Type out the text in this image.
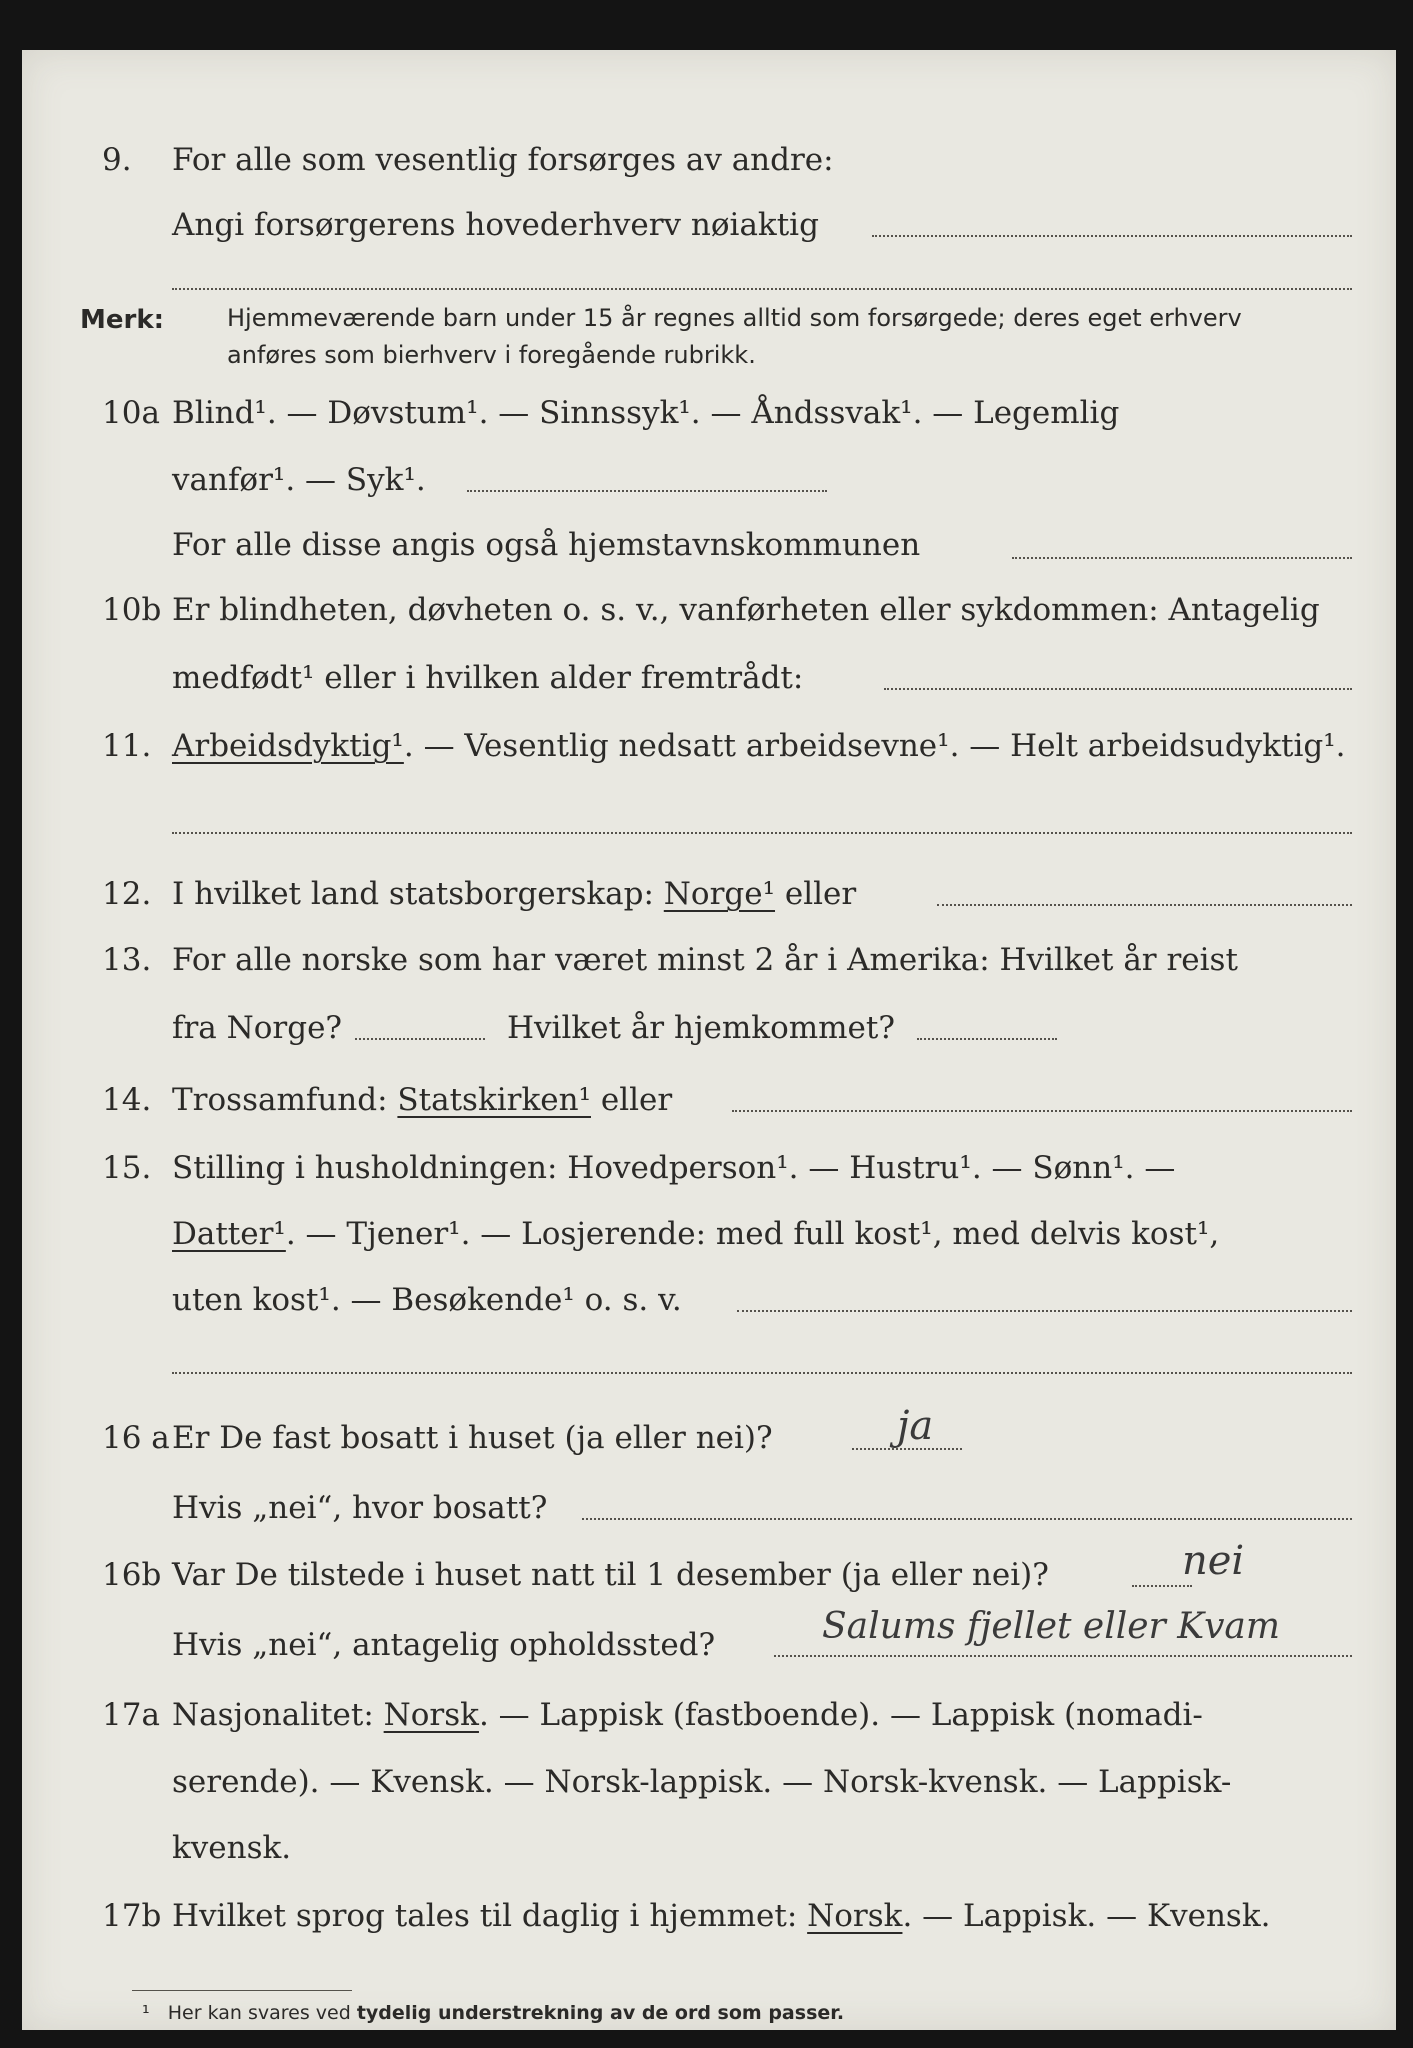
9. For alle som vesentlig forsørges av andre:
Angi forsørgerens hovederhverv nøiaktig
Merk:	Hjemmeværende barn under 15 år regnes alltid som forsørgede; deres eget erhverv
anføres som bierhverv i foregående rubrikk.
10a Blind¹. — Døvstum¹. — Sinnssyk¹. — Åndssvak¹. — Legemlig
vanfør¹. — Syk¹.
For alle disse angis også hjemstavnskommunen
10b Er blindheten, døvheten o. s. v., vanførheten eller sykdommen: Antagelig
medfødt¹ eller i hvilken alder fremtrådt:
11. Arbeidsdyktig¹. — Vesentlig nedsatt arbeidsevne¹. — Helt arbeidsudyktig¹.
12. I hvilket land statsborgerskap: Norge¹ eller
13. For alle norske som har været minst 2 år i Amerika: Hvilket år reist
fra Norge?	Hvilket år hjemkommet?
14. Trossamfund: Statskirken¹ eller
15. Stilling i husholdningen: Hovedperson¹. — Hustru¹. — Sønn¹. —
Datter¹. — Tjener¹. — Losjerende: med full kost¹, med delvis kost¹,
uten kost¹. — Besøkende¹ o. s. v.
16 a Er De fast bosatt i huset (ja eller nei)?	ja
Hvis „nei“, hvor bosatt?
16b Var De tilstede i huset natt til 1 desember (ja eller nei)?	nei
Hvis „nei“, antagelig opholdssted?	Salums fjellet eller Kvam
17a Nasjonalitet: Norsk. — Lappisk (fastboende). — Lappisk (nomadi-
serende). — Kvensk. — Norsk-lappisk. — Norsk-kvensk. — Lappisk-
kvensk.
17b Hvilket sprog tales til daglig i hjemmet: Norsk. — Lappisk. — Kvensk.
¹ Her kan svares ved tydelig understrekning av de ord som passer.
